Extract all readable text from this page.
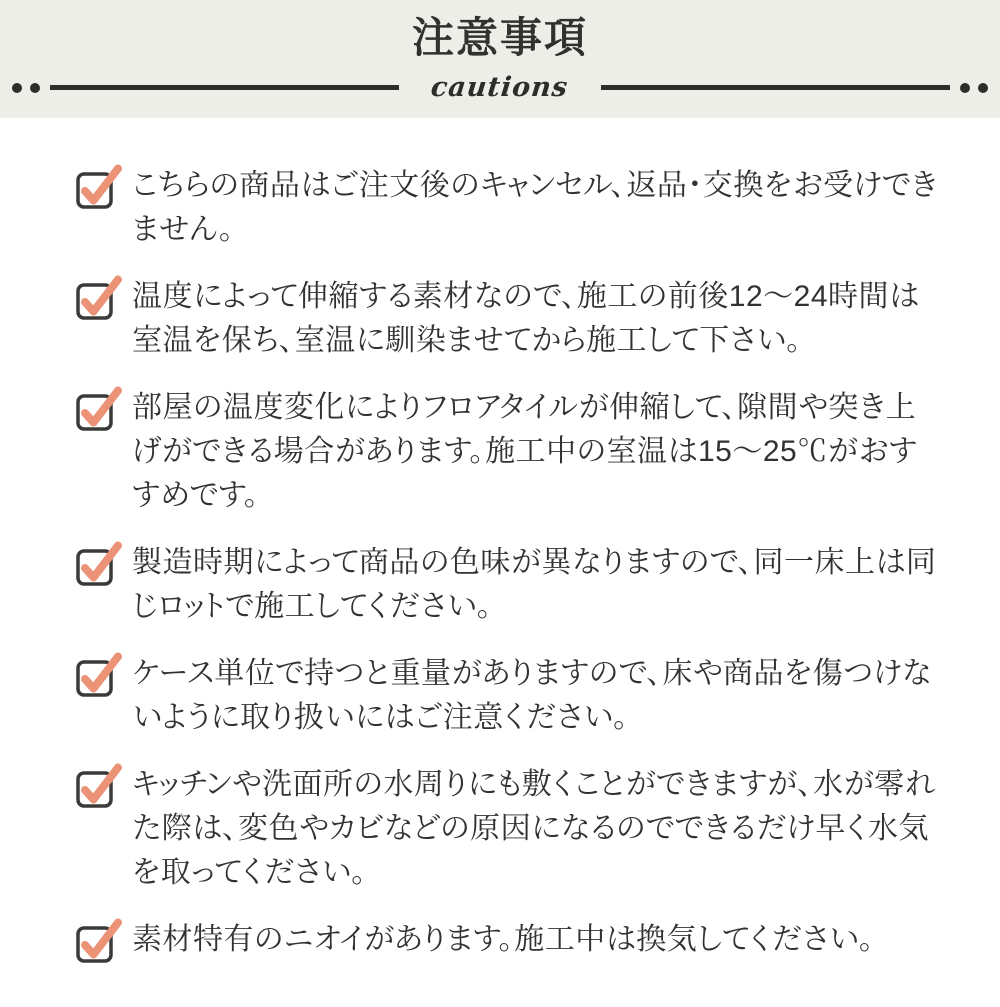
注意事項
cautions

こちらの商品はご注文後のキャンセル、返品・交換をお受けできません。

温度によって伸縮する素材なので、施工の前後12〜24時間は室温を保ち、室温に馴染ませてから施工して下さい。

部屋の温度変化によりフロアタイルが伸縮して、隙間や突き上げができる場合があります。施工中の室温は15〜25℃がおすすめです。

製造時期によって商品の色味が異なりますので、同一床上は同じロットで施工してください。

ケース単位で持つと重量がありますので、床や商品を傷つけないように取り扱いにはご注意ください。

キッチンや洗面所の水周りにも敷くことができますが、水が零れた際は、変色やカビなどの原因になるのでできるだけ早く水気を取ってください。

素材特有のニオイがあります。施工中は換気してください。
